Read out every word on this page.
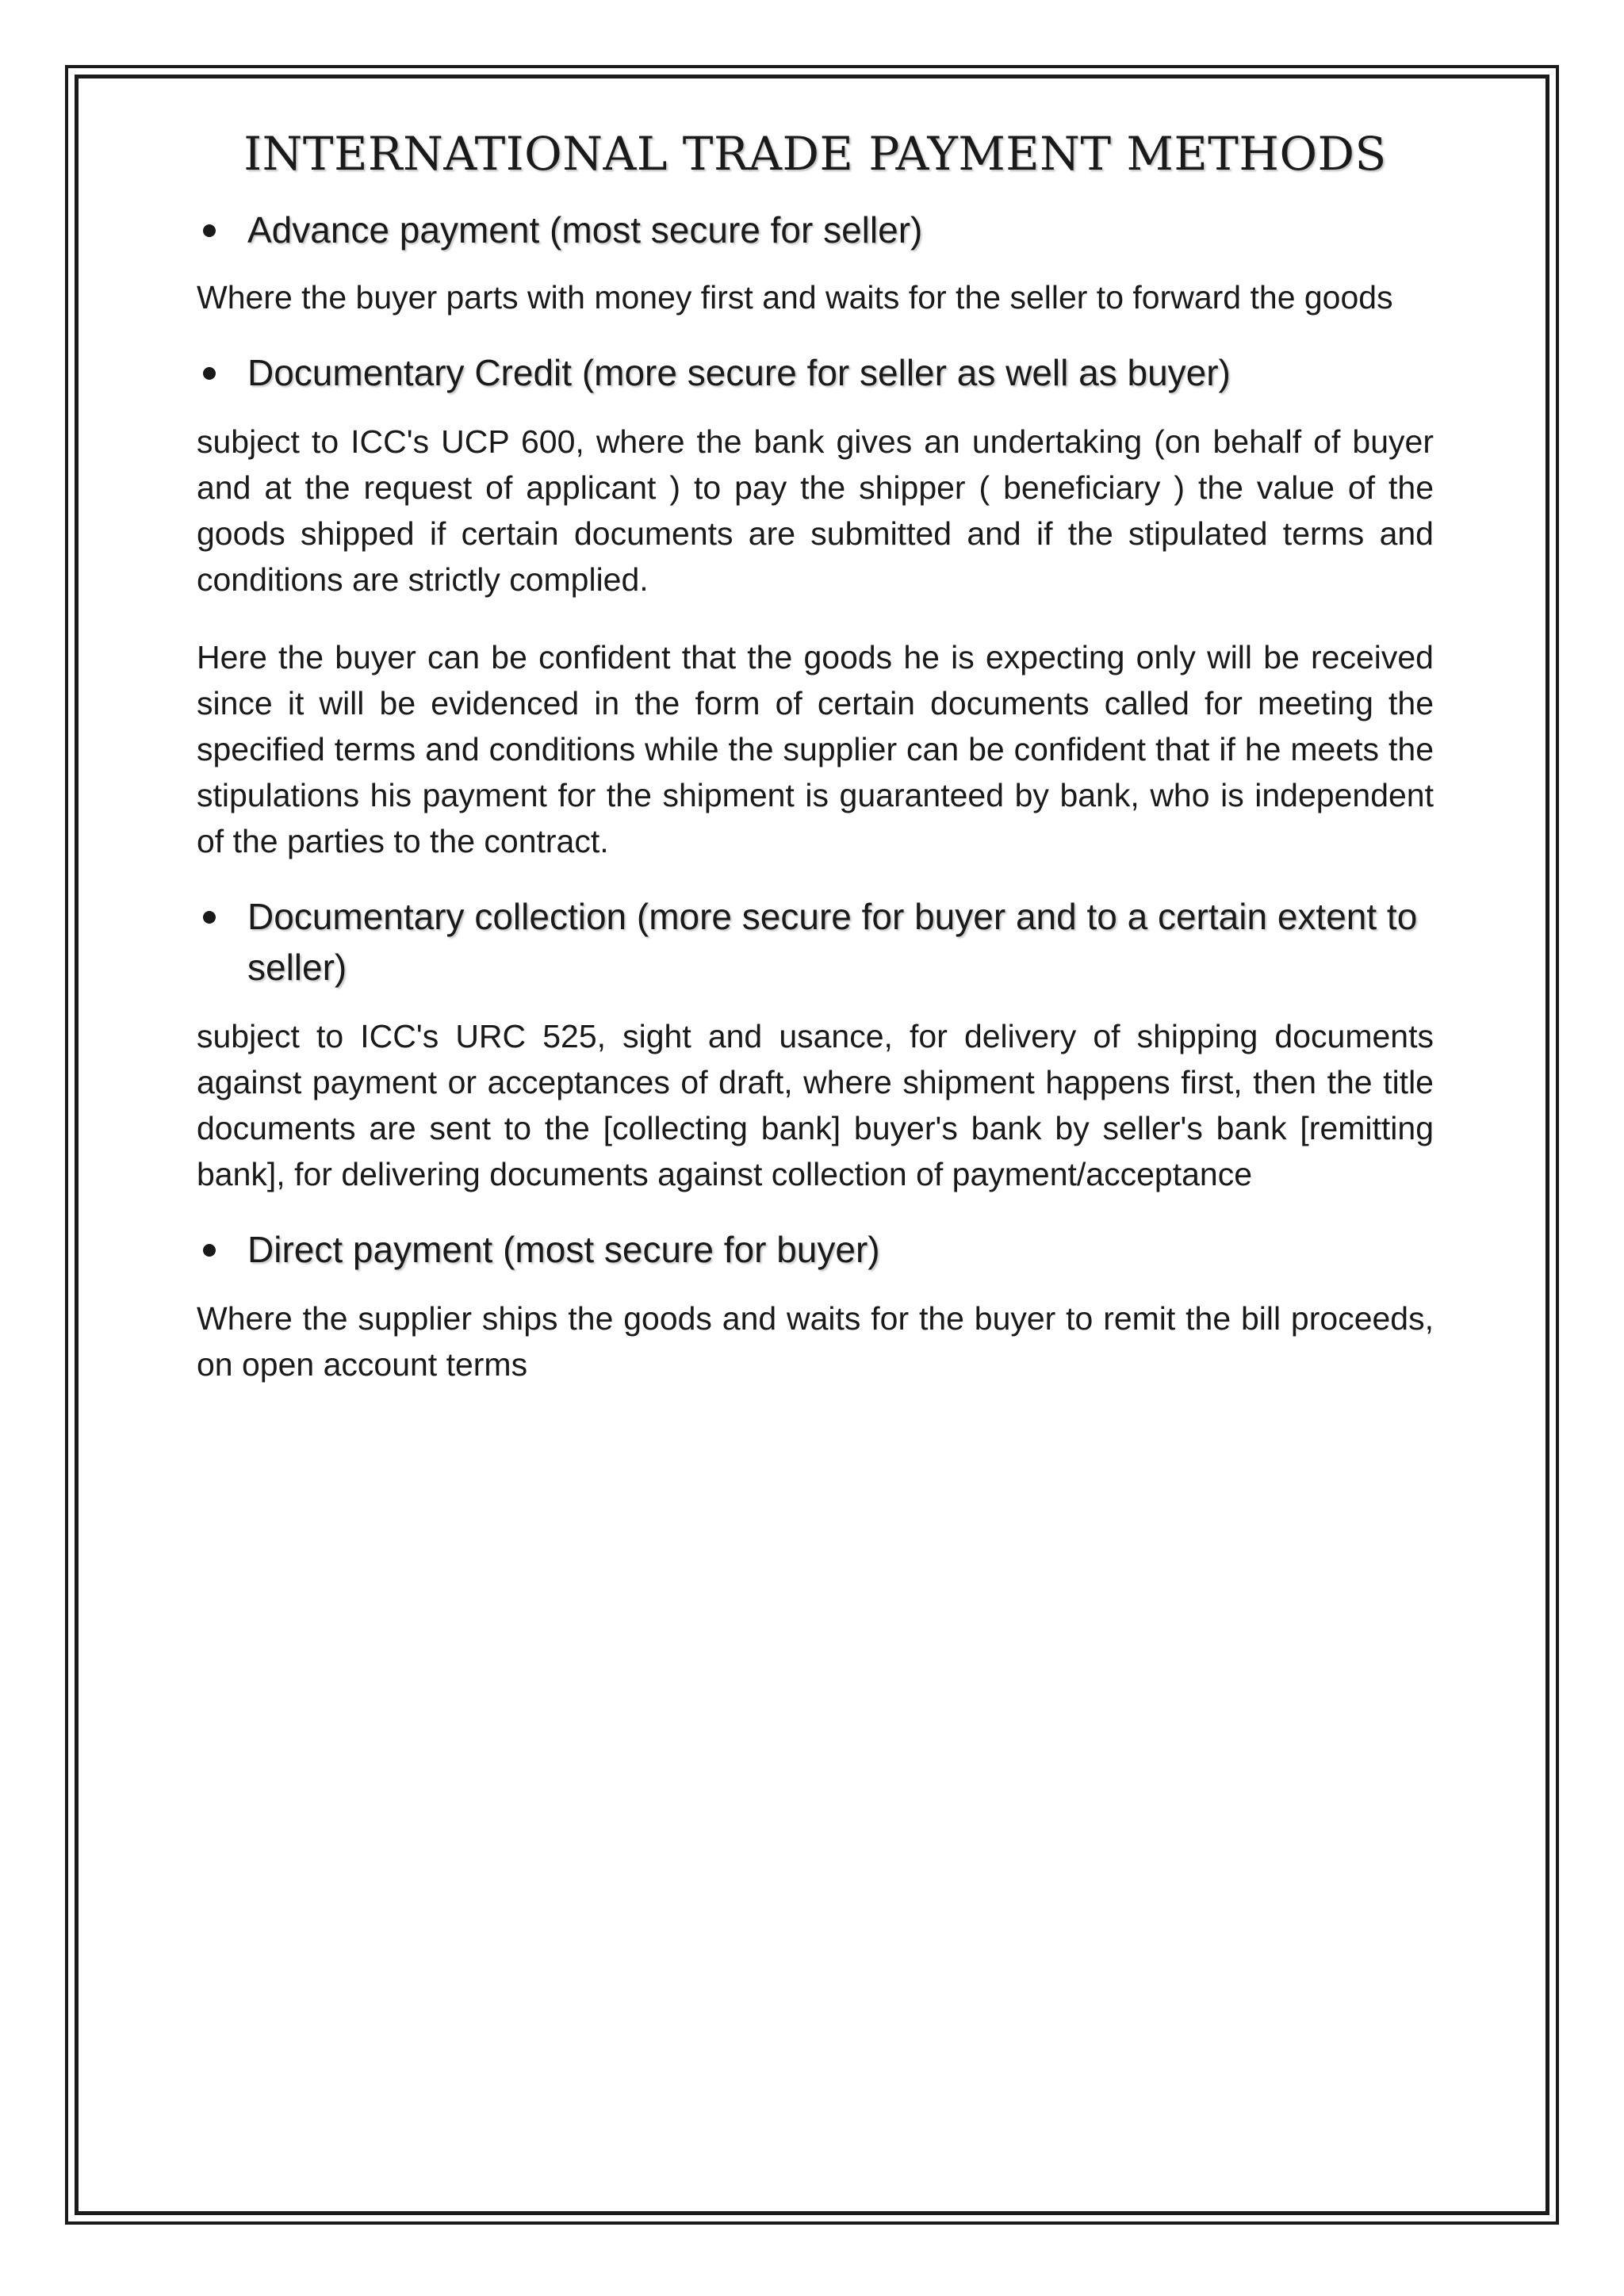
INTERNATIONAL TRADE PAYMENT METHODS

Advance payment (most secure for seller)

Where the buyer parts with money first and waits for the seller to forward the goods

Documentary Credit (more secure for seller as well as buyer)

subject to ICC's UCP 600, where the bank gives an undertaking (on behalf of buyer and at the request of applicant ) to pay the shipper ( beneficiary ) the value of the goods shipped if certain documents are submitted and if the stipulated terms and conditions are strictly complied.

Here the buyer can be confident that the goods he is expecting only will be received since it will be evidenced in the form of certain documents called for meeting the specified terms and conditions while the supplier can be confident that if he meets the stipulations his payment for the shipment is guaranteed by bank, who is independent of the parties to the contract.

Documentary collection (more secure for buyer and to a certain extent to seller)

subject to ICC's URC 525, sight and usance, for delivery of shipping documents against payment or acceptances of draft, where shipment happens first, then the title documents are sent to the [collecting bank] buyer's bank by seller's bank [remitting bank], for delivering documents against collection of payment/acceptance

Direct payment (most secure for buyer)

Where the supplier ships the goods and waits for the buyer to remit the bill proceeds, on open account terms
